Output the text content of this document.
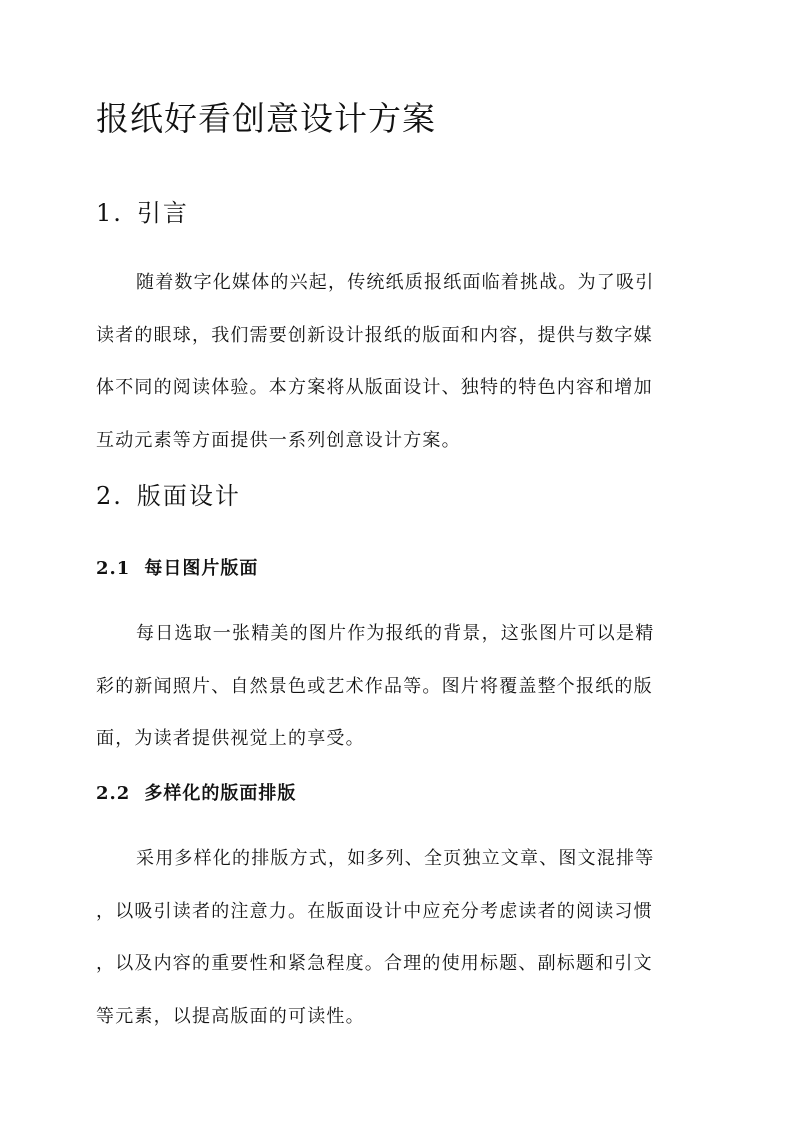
报纸好看创意设计方案
1. 引言
随着数字化媒体的兴起，传统纸质报纸面临着挑战。为了吸引
读者的眼球，我们需要创新设计报纸的版面和内容，提供与数字媒
体不同的阅读体验。本方案将从版面设计、独特的特色内容和增加
互动元素等方面提供一系列创意设计方案。
2. 版面设计
2.1 每日图片版面
每日选取一张精美的图片作为报纸的背景，这张图片可以是精
彩的新闻照片、自然景色或艺术作品等。图片将覆盖整个报纸的版
面，为读者提供视觉上的享受。
2.2 多样化的版面排版
采用多样化的排版方式，如多列、全页独立文章、图文混排等
，以吸引读者的注意力。在版面设计中应充分考虑读者的阅读习惯
，以及内容的重要性和紧急程度。合理的使用标题、副标题和引文
等元素，以提高版面的可读性。
